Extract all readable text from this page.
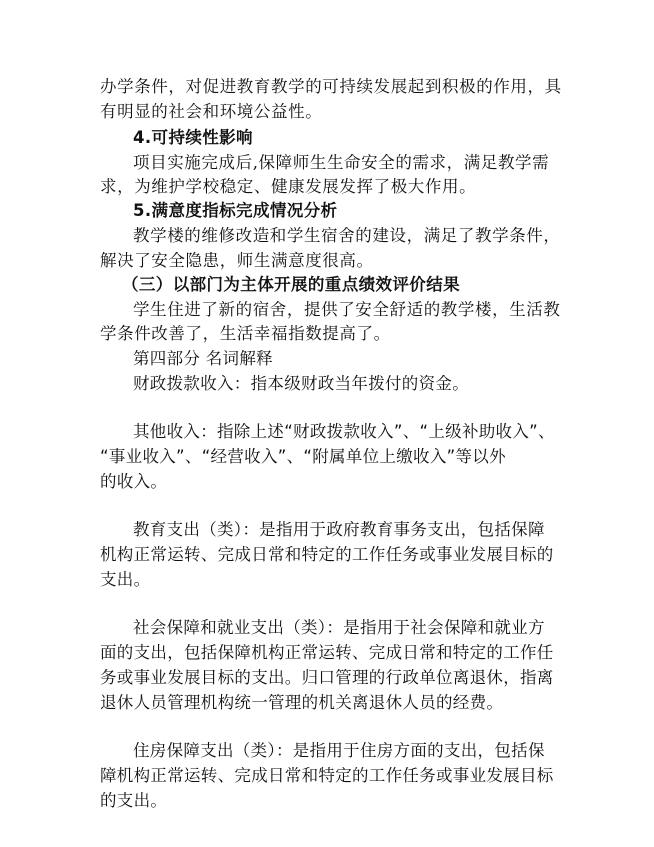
办学条件，对促进教育教学的可持续发展起到积极的作用，具
有明显的社会和环境公益性。
4.可持续性影响
项目实施完成后,保障师生生命安全的需求，满足教学需
求，为维护学校稳定、健康发展发挥了极大作用。
5.满意度指标完成情况分析
教学楼的维修改造和学生宿舍的建设，满足了教学条件，
解决了安全隐患，师生满意度很高。
（三）以部门为主体开展的重点绩效评价结果
学生住进了新的宿舍，提供了安全舒适的教学楼，生活教
学条件改善了，生活幸福指数提高了。
第四部分 名词解释
财政拨款收入：指本级财政当年拨付的资金。
其他收入：指除上述“财政拨款收入”、“上级补助收入”、
“事业收入”、“经营收入”、“附属单位上缴收入”等以外
的收入。
教育支出（类）：是指用于政府教育事务支出，包括保障
机构正常运转、完成日常和特定的工作任务或事业发展目标的
支出。
社会保障和就业支出（类）：是指用于社会保障和就业方
面的支出，包括保障机构正常运转、完成日常和特定的工作任
务或事业发展目标的支出。归口管理的行政单位离退休，指离
退休人员管理机构统一管理的机关离退休人员的经费。
住房保障支出（类）：是指用于住房方面的支出，包括保
障机构正常运转、完成日常和特定的工作任务或事业发展目标
的支出。
